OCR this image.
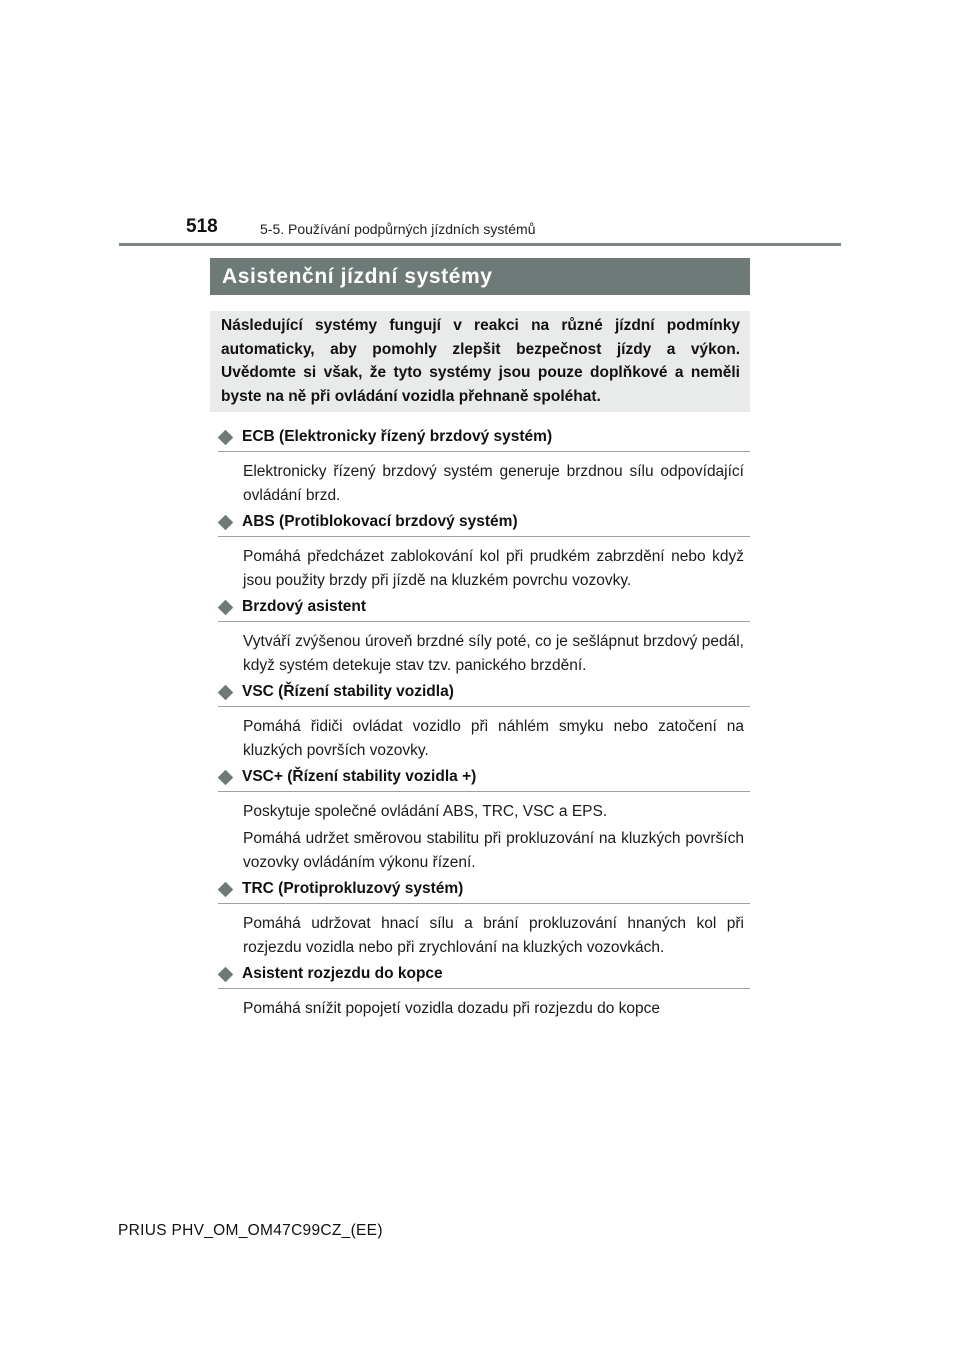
518	5-5. Používání podpůrných jízdních systémů
Asistenční jízdní systémy
Následující systémy fungují v reakci na různé jízdní podmínky automaticky, aby pomohly zlepšit bezpečnost jízdy a výkon. Uvědomte si však, že tyto systémy jsou pouze doplňkové a neměli byste na ně při ovládání vozidla přehnaně spoléhat.
ECB (Elektronicky řízený brzdový systém)
Elektronicky řízený brzdový systém generuje brzdnou sílu odpovídající ovládání brzd.
ABS (Protiblokovací brzdový systém)
Pomáhá předcházet zablokování kol při prudkém zabrzdění nebo když jsou použity brzdy při jízdě na kluzkém povrchu vozovky.
Brzdový asistent
Vytváří zvýšenou úroveň brzdné síly poté, co je sešlápnut brzdový pedál, když systém detekuje stav tzv. panického brzdění.
VSC (Řízení stability vozidla)
Pomáhá řidiči ovládat vozidlo při náhlém smyku nebo zatočení na kluzkých površích vozovky.
VSC+ (Řízení stability vozidla +)
Poskytuje společné ovládání ABS, TRC, VSC a EPS.
Pomáhá udržet směrovou stabilitu při prokluzování na kluzkých površích vozovky ovládáním výkonu řízení.
TRC (Protiprokluzový systém)
Pomáhá udržovat hnací sílu a brání prokluzování hnaných kol při rozjezdu vozidla nebo při zrychlování na kluzkých vozovkách.
Asistent rozjezdu do kopce
Pomáhá snížit popojetí vozidla dozadu při rozjezdu do kopce
PRIUS PHV_OM_OM47C99CZ_(EE)
